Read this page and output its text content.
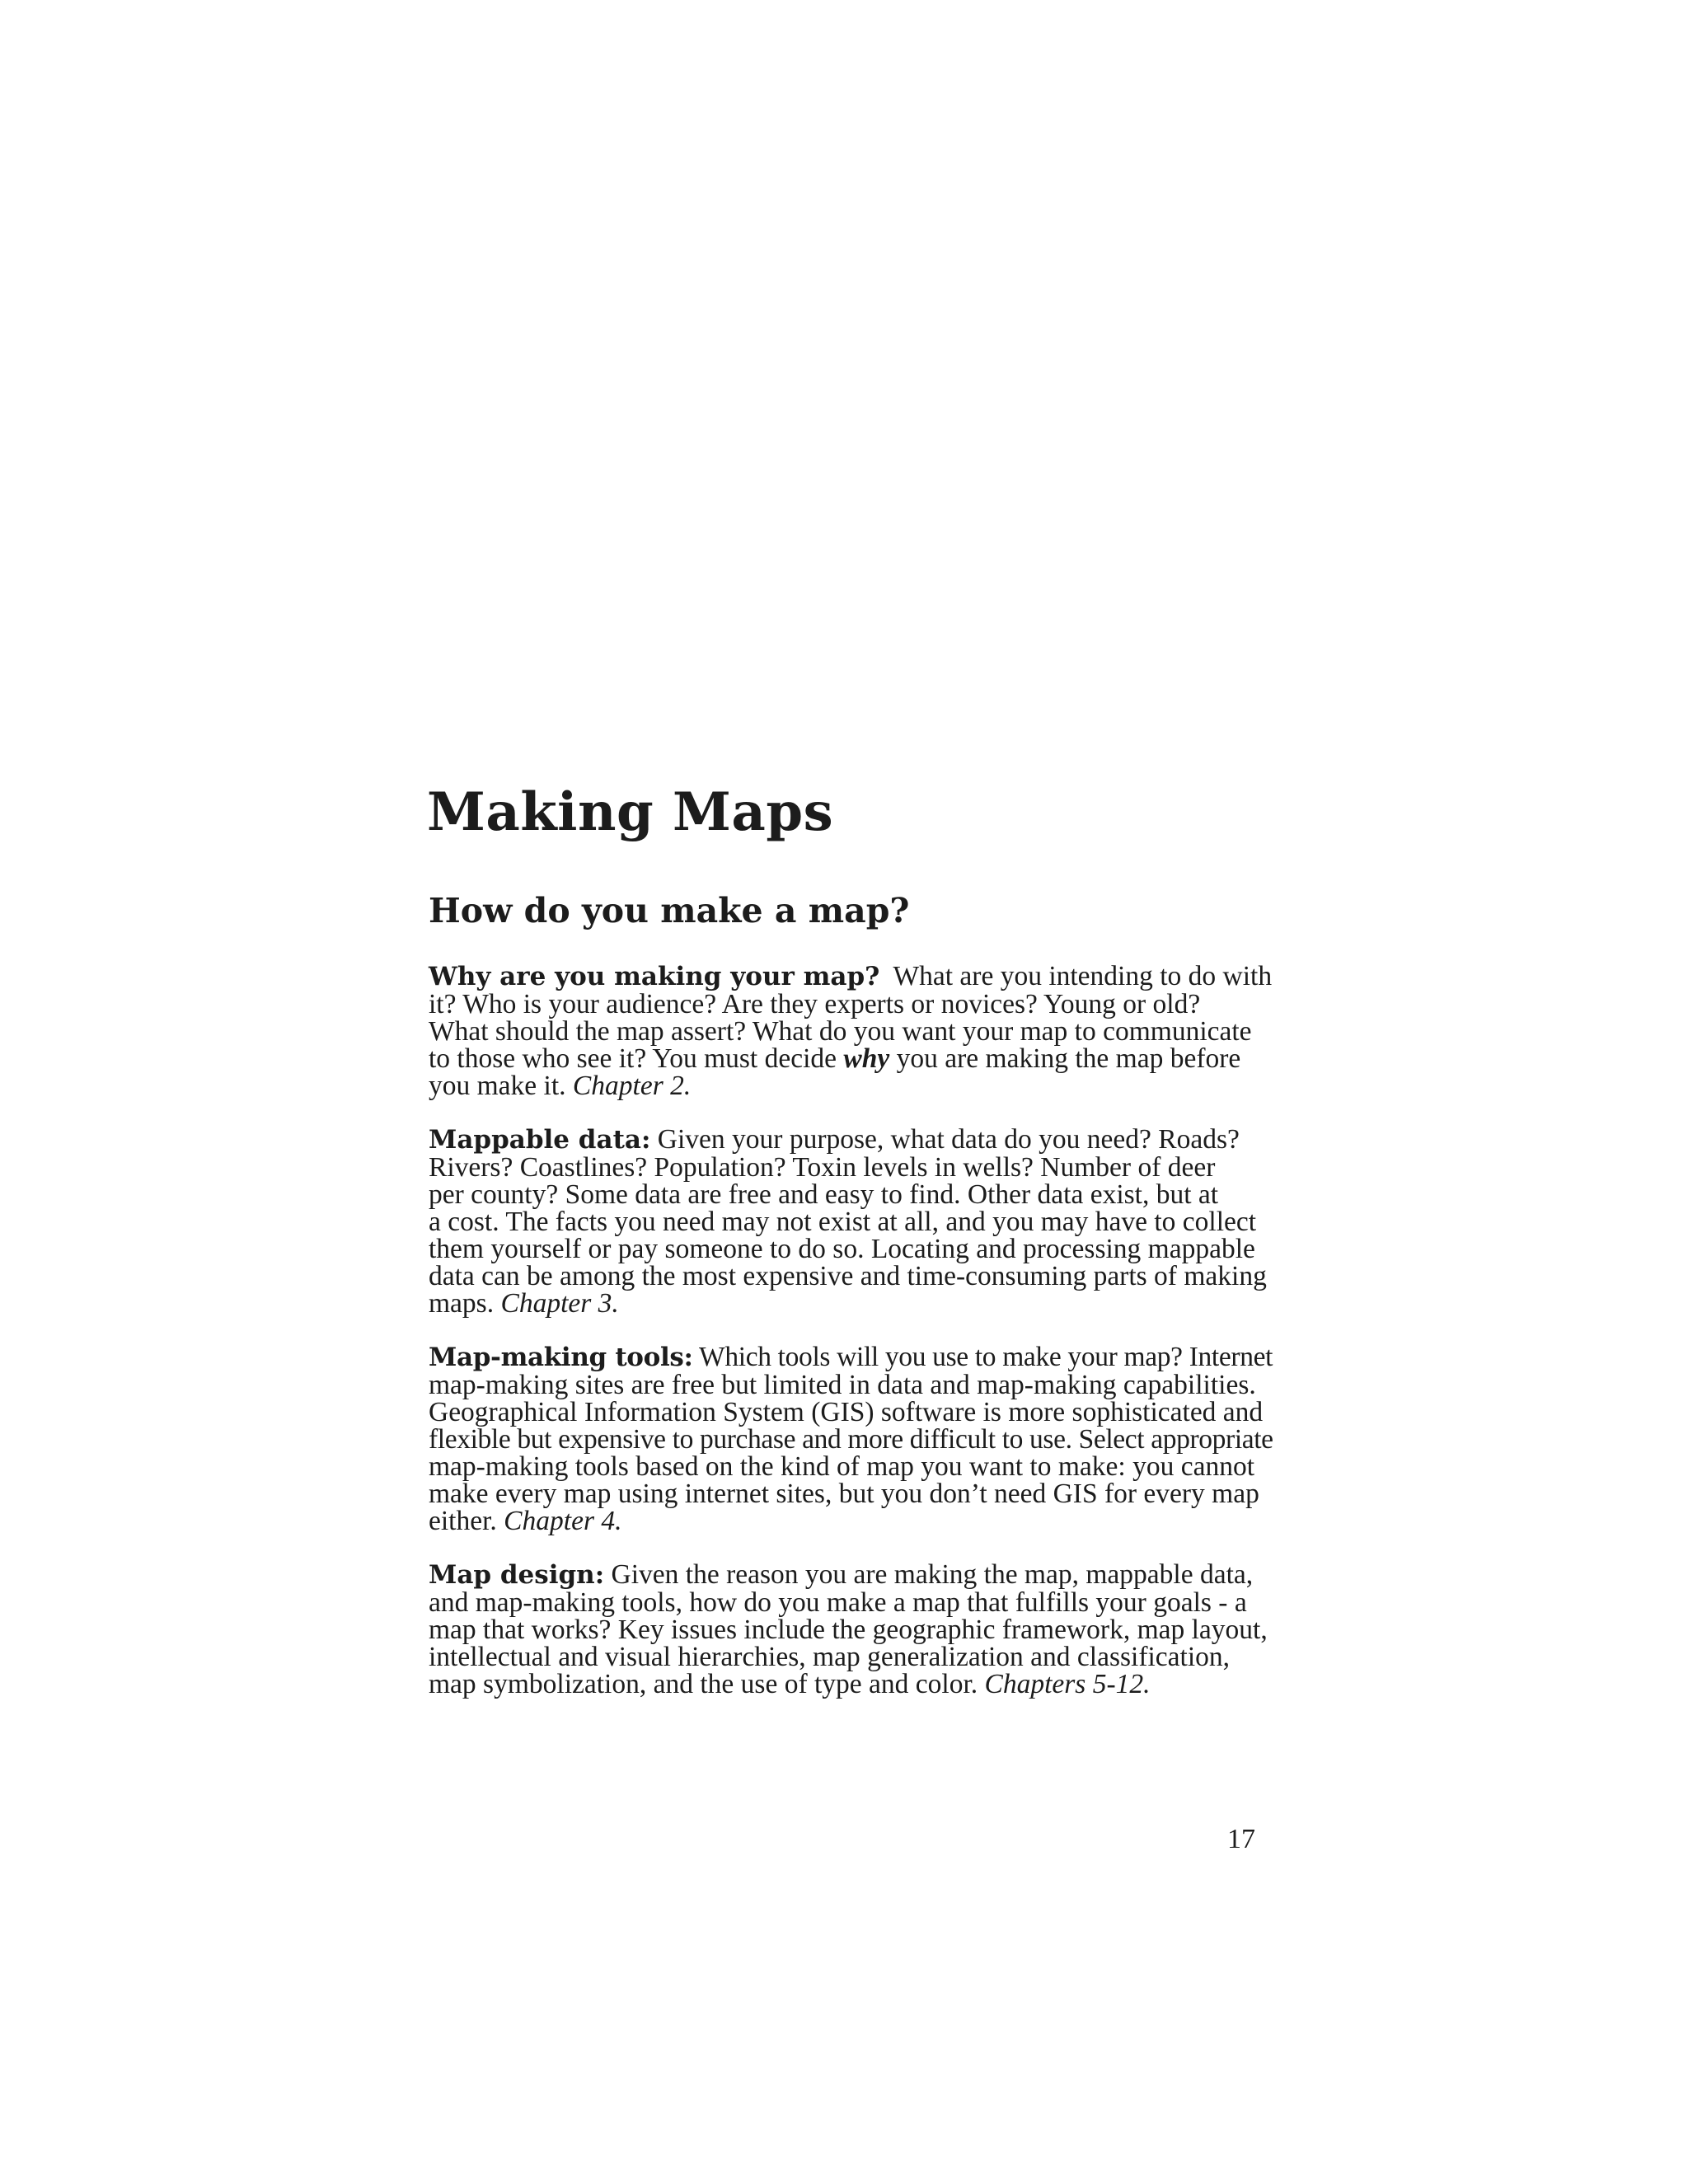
Making Maps
How do you make a map?
Why are you making your map? What are you intending to do with
it? Who is your audience? Are they experts or novices? Young or old?
What should the map assert? What do you want your map to communicate
to those who see it? You must decide why you are making the map before
you make it. Chapter 2.
Mappable data: Given your purpose, what data do you need? Roads?
Rivers? Coastlines? Population? Toxin levels in wells? Number of deer
per county? Some data are free and easy to find. Other data exist, but at
a cost. The facts you need may not exist at all, and you may have to collect
them yourself or pay someone to do so. Locating and processing mappable
data can be among the most expensive and time-consuming parts of making
maps. Chapter 3.
Map-making tools: Which tools will you use to make your map? Internet
map-making sites are free but limited in data and map-making capabilities.
Geographical Information System (GIS) software is more sophisticated and
flexible but expensive to purchase and more difficult to use. Select appropriate
map-making tools based on the kind of map you want to make: you cannot
make every map using internet sites, but you don’t need GIS for every map
either. Chapter 4.
Map design: Given the reason you are making the map, mappable data,
and map-making tools, how do you make a map that fulfills your goals - a
map that works? Key issues include the geographic framework, map layout,
intellectual and visual hierarchies, map generalization and classification,
map symbolization, and the use of type and color. Chapters 5-12.
17
